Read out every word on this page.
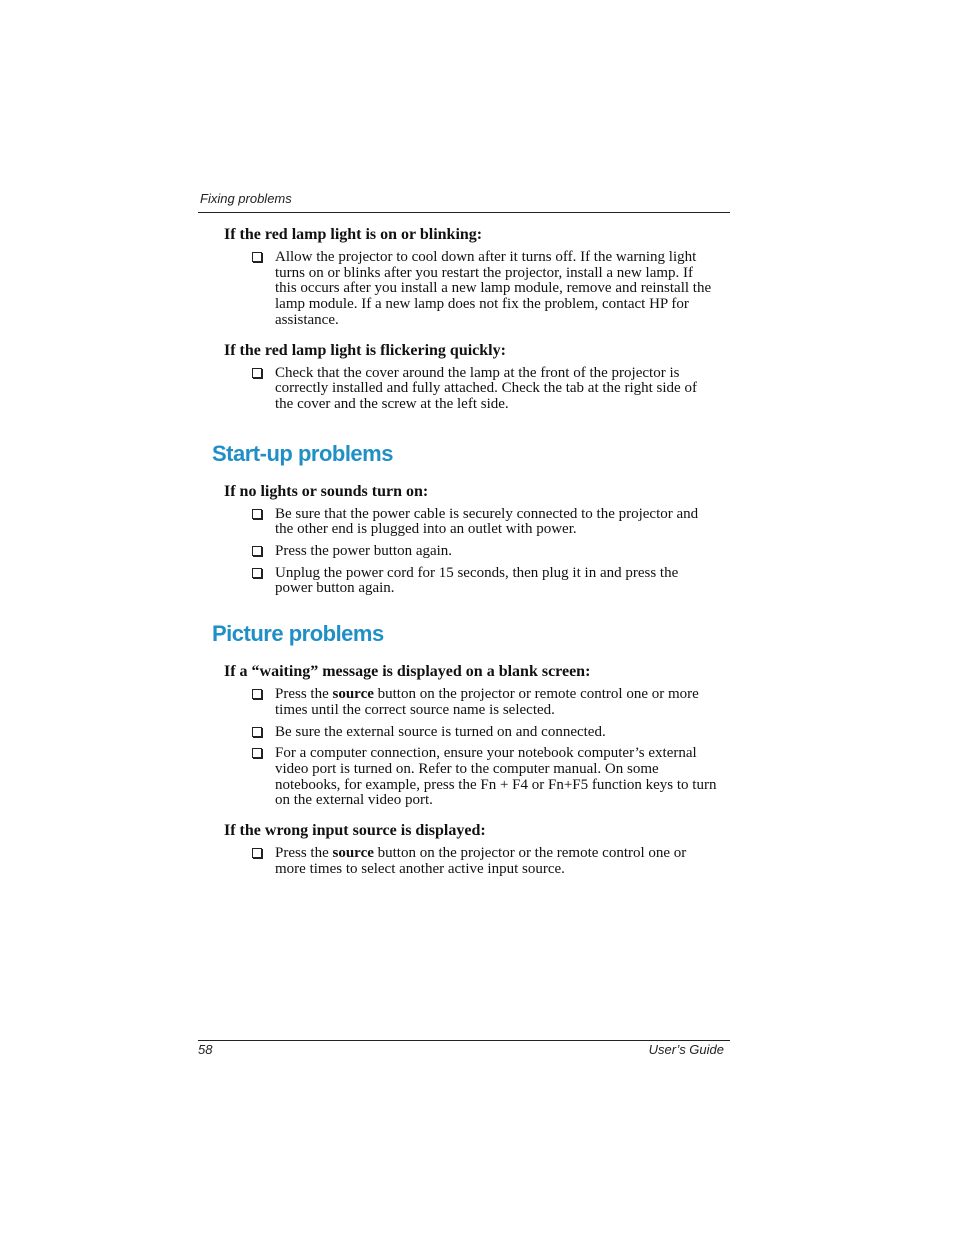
Fixing problems
If the red lamp light is on or blinking:
Allow the projector to cool down after it turns off. If the warning light
turns on or blinks after you restart the projector, install a new lamp. If
this occurs after you install a new lamp module, remove and reinstall the
lamp module. If a new lamp does not fix the problem, contact HP for
assistance.
If the red lamp light is flickering quickly:
Check that the cover around the lamp at the front of the projector is
correctly installed and fully attached. Check the tab at the right side of
the cover and the screw at the left side.
Start-up problems
If no lights or sounds turn on:
Be sure that the power cable is securely connected to the projector and
the other end is plugged into an outlet with power.
Press the power button again.
Unplug the power cord for 15 seconds, then plug it in and press the
power button again.
Picture problems
If a “waiting” message is displayed on a blank screen:
Press the source button on the projector or remote control one or more
times until the correct source name is selected.
Be sure the external source is turned on and connected.
For a computer connection, ensure your notebook computer’s external
video port is turned on. Refer to the computer manual. On some
notebooks, for example, press the Fn + F4 or Fn+F5 function keys to turn
on the external video port.
If the wrong input source is displayed:
Press the source button on the projector or the remote control one or
more times to select another active input source.
58	User’s Guide
